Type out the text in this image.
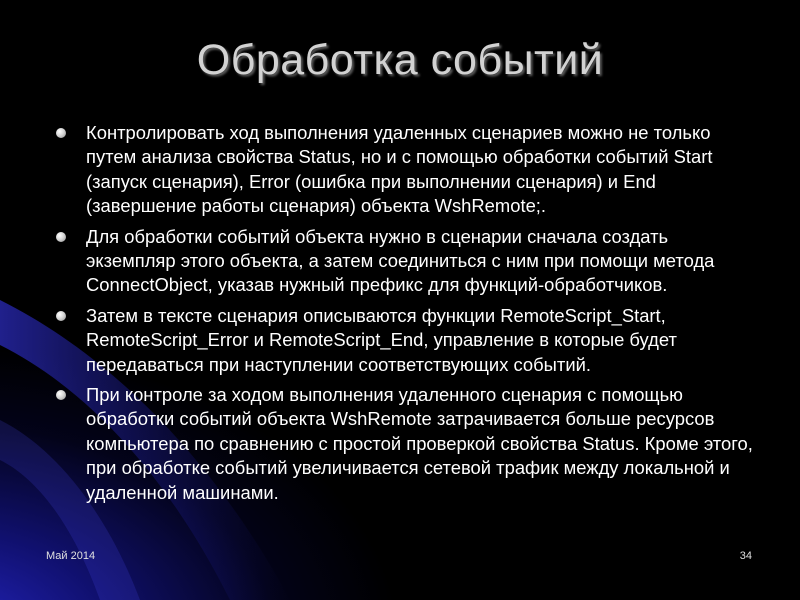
Обработка событий
Контролировать ход выполнения удаленных сценариев можно не только путем анализа свойства Status, но и с помощью обработки событий Start (запуск сценария), Error (ошибка при выполнении сценария) и End (завершение работы сценария) объекта WshRemote;.
Для обработки событий объекта нужно в сценарии сначала создать экземпляр этого объекта, а затем соединиться с ним при помощи метода ConnectObject, указав нужный префикс для функций-обработчиков.
Затем в тексте сценария описываются функции RemoteScript_Start, RemoteScript_Error и RemoteScript_End, управление в которые будет передаваться при наступлении соответствующих событий.
При контроле за ходом выполнения удаленного сценария с помощью обработки событий объекта WshRemote затрачивается больше ресурсов компьютера по сравнению с простой проверкой свойства Status. Кроме этого, при обработке событий увеличивается сетевой трафик между локальной и удаленной машинами.
Май 2014	34
